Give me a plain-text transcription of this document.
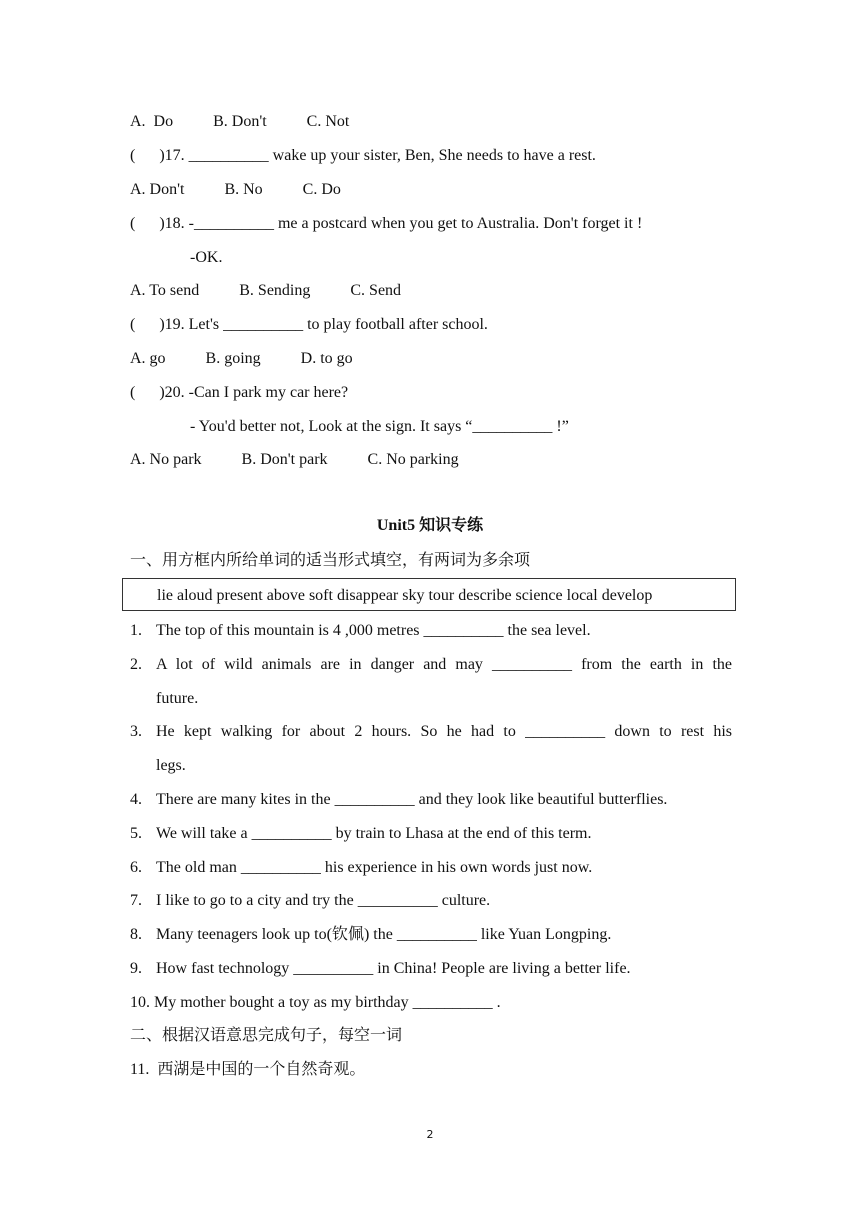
A.  Do          B. Don't          C. Not
(      )17. __________ wake up your sister, Ben, She needs to have a rest.
A. Don't          B. No          C. Do
(      )18. -__________ me a postcard when you get to Australia. Don't forget it !
-OK.
A. To send          B. Sending          C. Send
(      )19. Let's __________ to play football after school.
A. go          B. going          D. to go
(      )20. -Can I park my car here?
- You'd better not, Look at the sign. It says “__________ !”
A. No park          B. Don't park          C. No parking
Unit5 知识专练
一、用方框内所给单词的适当形式填空，有两词为多余项
lie aloud present above soft disappear sky tour describe science local develop
1. The top of this mountain is 4 ,000 metres __________ the sea level.
2. A lot of wild animals are in danger and may __________ from the earth in the
future.
3. He kept walking for about 2 hours. So he had to __________ down to rest his
legs.
4. There are many kites in the __________ and they look like beautiful butterflies.
5. We will take a __________ by train to Lhasa at the end of this term.
6. The old man __________ his experience in his own words just now.
7. I like to go to a city and try the __________ culture.
8. Many teenagers look up to(钦佩) the __________ like Yuan Longping.
9. How fast technology __________ in China! People are living a better life.
10. My mother bought a toy as my birthday __________ .
二、根据汉语意思完成句子，每空一词
11.  西湖是中国的一个自然奇观。
2
